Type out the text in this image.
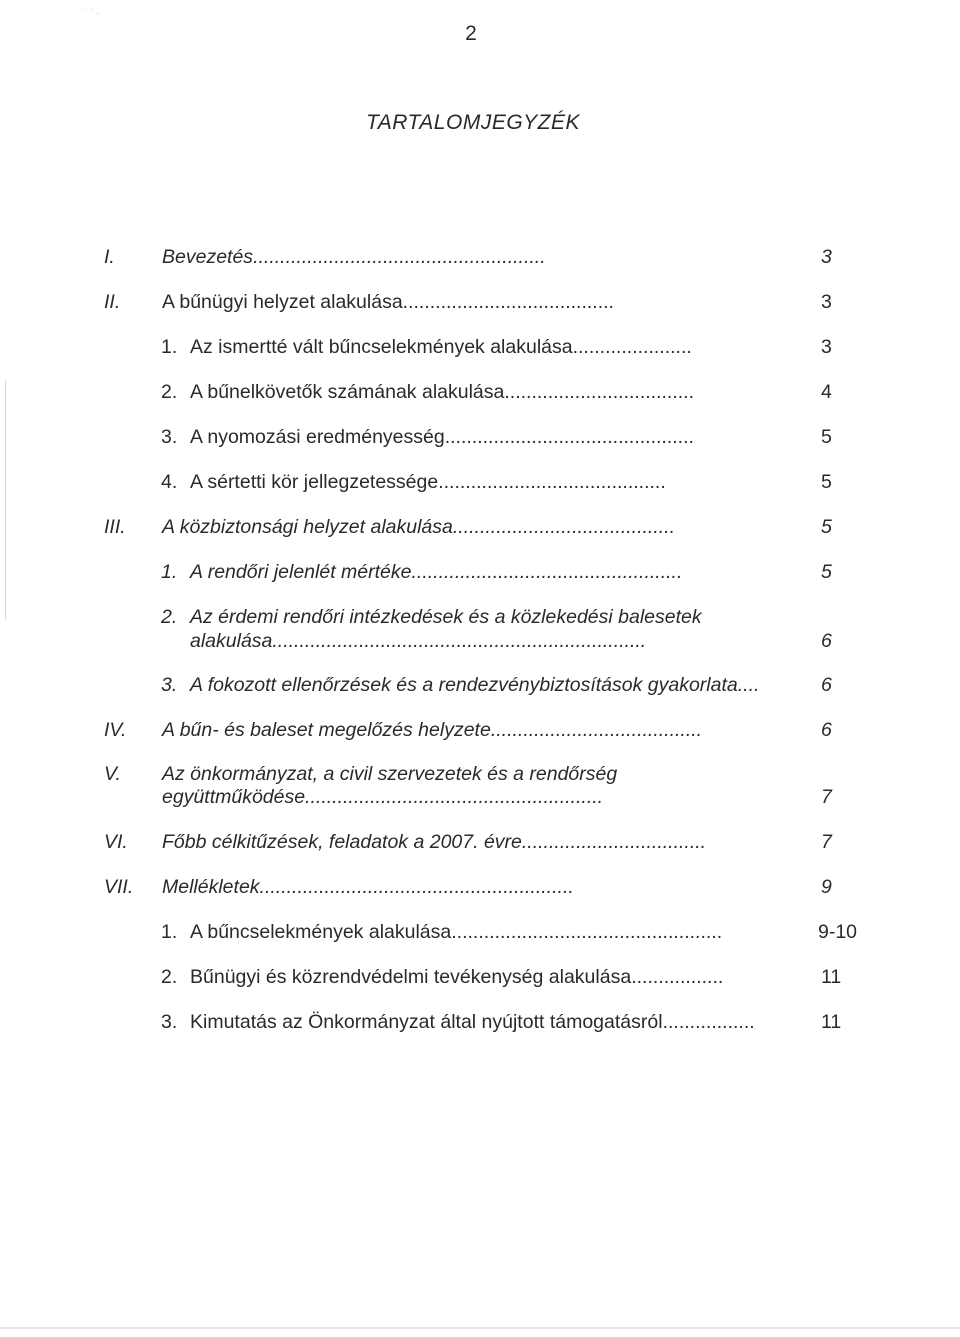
˙ ˙ ·
2
TARTALOMJEGYZÉK
I. Bevezetés......................................................	3
II. A bűnügyi helyzet alakulása.......................................	3
1. Az ismertté vált bűncselekmények alakulása......................	3
2. A bűnelkövetők számának alakulása...................................	4
3. A nyomozási eredményesség..............................................	5
4. A sértetti kör jellegzetessége..........................................	5
III. A közbiztonsági helyzet alakulása.........................................	5
1. A rendőri jelenlét mértéke..................................................	5
2. Az érdemi rendőri intézkedések és a közlekedési balesetek
alakulása.....................................................................	6
3. A fokozott ellenőrzések és a rendezvénybiztosítások gyakorlata....	6
IV. A bűn- és baleset megelőzés helyzete.......................................	6
V. Az önkormányzat, a civil szervezetek és a rendőrség
együttműködése.......................................................	7
VI. Főbb célkitűzések, feladatok a 2007. évre..................................	7
VII. Mellékletek..........................................................	9
1. A bűncselekmények alakulása..................................................	9-10
2. Bűnügyi és közrendvédelmi tevékenység alakulása.................	11
3. Kimutatás az Önkormányzat által nyújtott támogatásról.................	11
